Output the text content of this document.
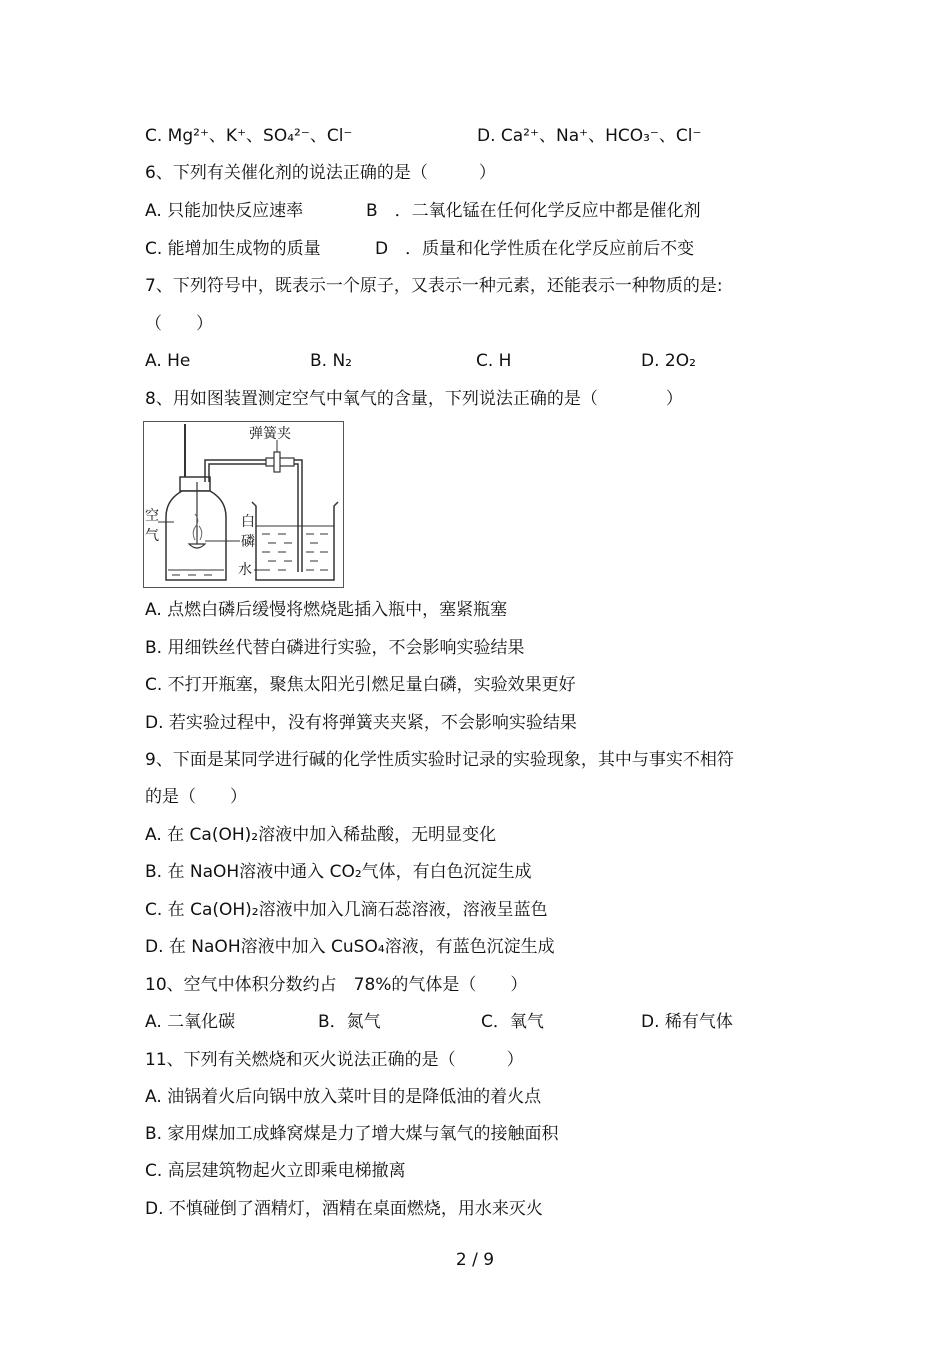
C. Mg²⁺、K⁺、SO₄²⁻、Cl⁻	D. Ca²⁺、Na⁺、HCO₃⁻、Cl⁻
6、下列有关催化剂的说法正确的是（　　　）
A. 只能加快反应速率	B　．二氧化锰在任何化学反应中都是催化剂
C. 能增加生成物的质量	D　．质量和化学性质在化学反应前后不变
7、下列符号中，既表示一个原子，又表示一种元素，还能表示一种物质的是:
（　　）
A. He	B. N₂	C. H	D. 2O₂
8、用如图装置测定空气中氧气的含量，下列说法正确的是（　　　　）
弹簧夹
空
气
白
磷
水
A. 点燃白磷后缓慢将燃烧匙插入瓶中，塞紧瓶塞
B. 用细铁丝代替白磷进行实验，不会影响实验结果
C. 不打开瓶塞，聚焦太阳光引燃足量白磷，实验效果更好
D. 若实验过程中，没有将弹簧夹夹紧，不会影响实验结果
9、下面是某同学进行碱的化学性质实验时记录的实验现象，其中与事实不相符
的是（　　）
A. 在 Ca(OH)₂溶液中加入稀盐酸，无明显变化
B. 在 NaOH溶液中通入 CO₂气体，有白色沉淀生成
C. 在 Ca(OH)₂溶液中加入几滴石蕊溶液，溶液呈蓝色
D. 在 NaOH溶液中加入 CuSO₄溶液，有蓝色沉淀生成
10、空气中体积分数约占　78%的气体是（　　）
A. 二氧化碳	B．氮气	C．氧气	D. 稀有气体
11、下列有关燃烧和灭火说法正确的是（　　　）
A. 油锅着火后向锅中放入菜叶目的是降低油的着火点
B. 家用煤加工成蜂窝煤是力了增大煤与氧气的接触面积
C. 高层建筑物起火立即乘电梯撤离
D. 不慎碰倒了酒精灯，酒精在桌面燃烧，用水来灭火
2 / 9
